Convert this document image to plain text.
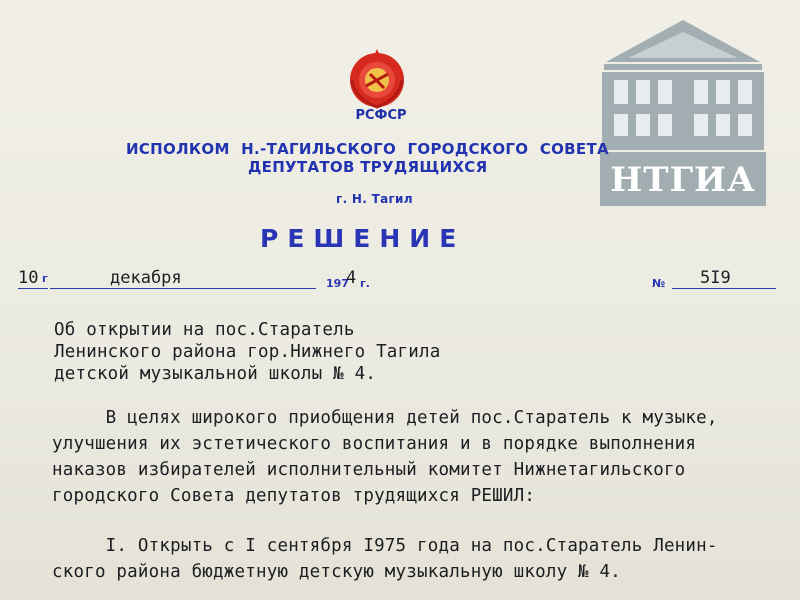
НТГИА
РСФСР
ИСПОЛКОМ Н.-ТАГИЛЬСКОГО ГОРОДСКОГО СОВЕТА
ДЕПУТАТОВ ТРУДЯЩИХСЯ
г. Н. Тагил
РЕШЕНИЕ
10 г	декабря	197
4 г.	№ 5I9
Об открытии на пос.Старатель
Ленинского района гор.Нижнего Тагила
детской музыкальной школы № 4.
В целях широкого приобщения детей пос.Старатель к музыке,
улучшения их эстетического воспитания и в порядке выполнения
наказов избирателей исполнительный комитет Нижнетагильского
городского Совета депутатов трудящихся РЕШИЛ:
I. Открыть с I сентября I975 года на пос.Старатель Ленин-
ского района бюджетную детскую музыкальную школу № 4.
